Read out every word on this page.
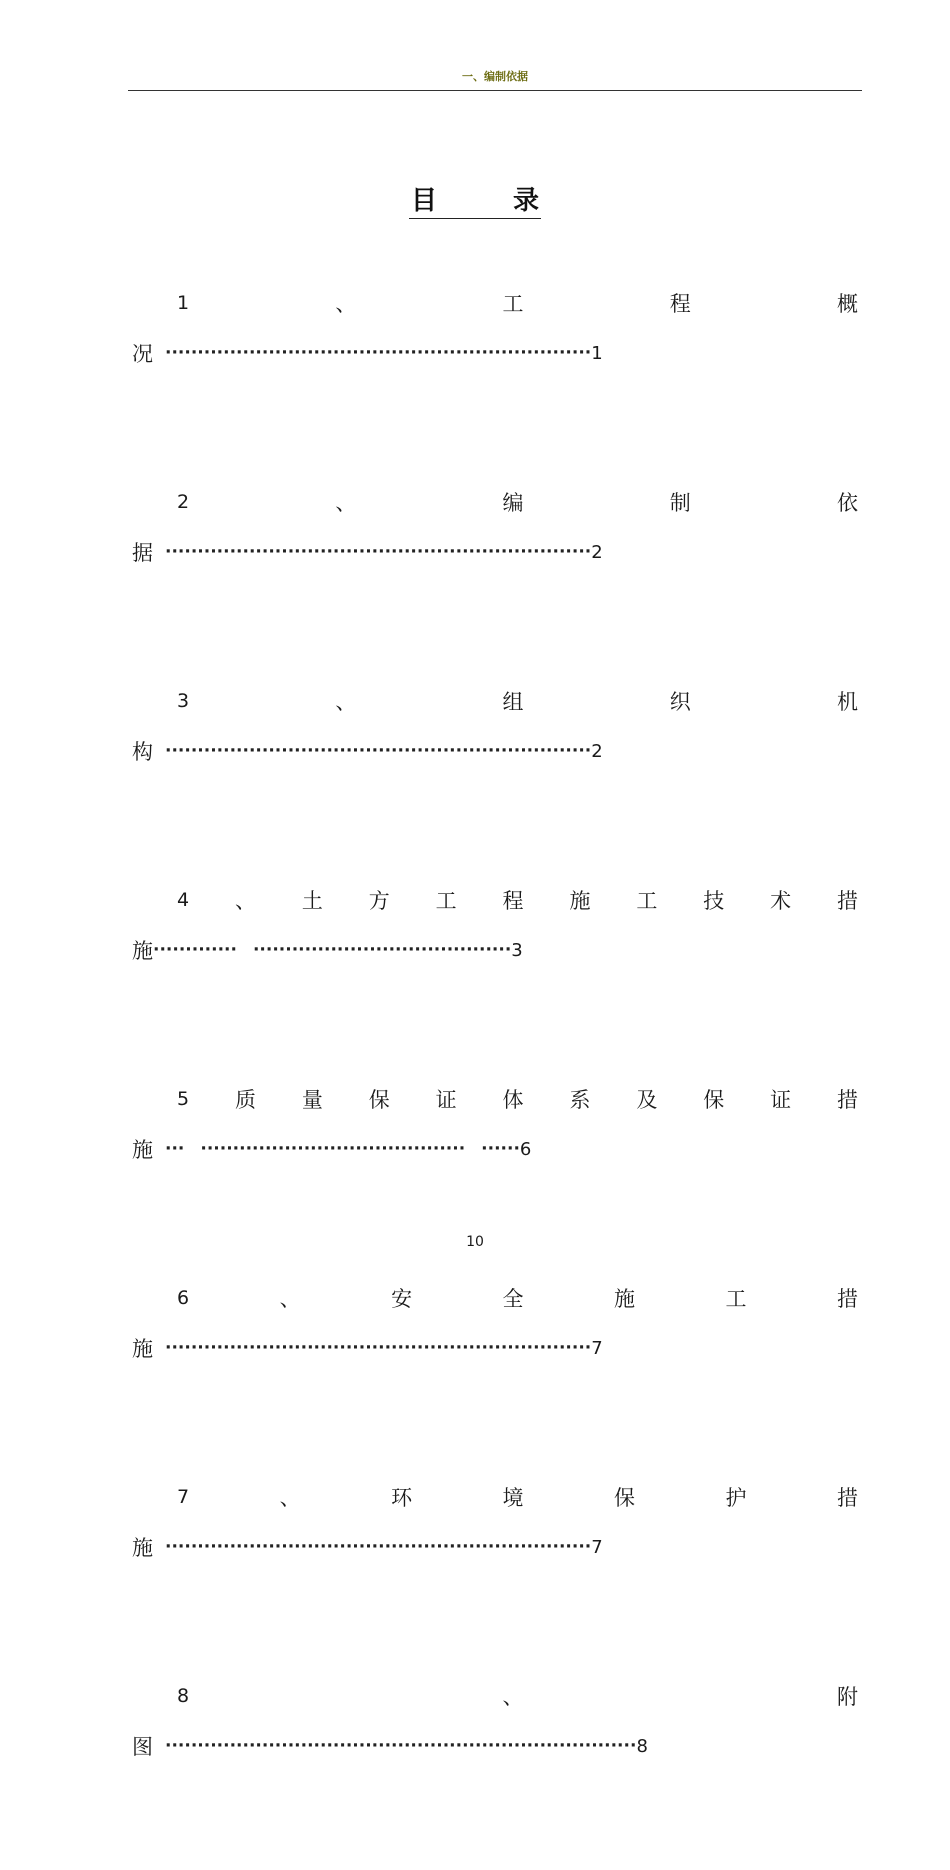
一、编制依据
目	录
1	、	工	程	概
况 ·································································· 1
2	、	编	制	依
据 ·································································· 2
3	、	组	织	机
构 ·································································· 2
4 、 土 方 工 程 施 工 技 术 措
施 ············· ········································ 3
5 质 量 保 证 体 系 及 保 证 措
施 ··· ········································· ······ 6
6	、	安	全	施	工	措
施 ·································································· 7
7	、	环	境	保	护	措
施 ·································································· 7
8	、	附
图 ········································································· 8
10
